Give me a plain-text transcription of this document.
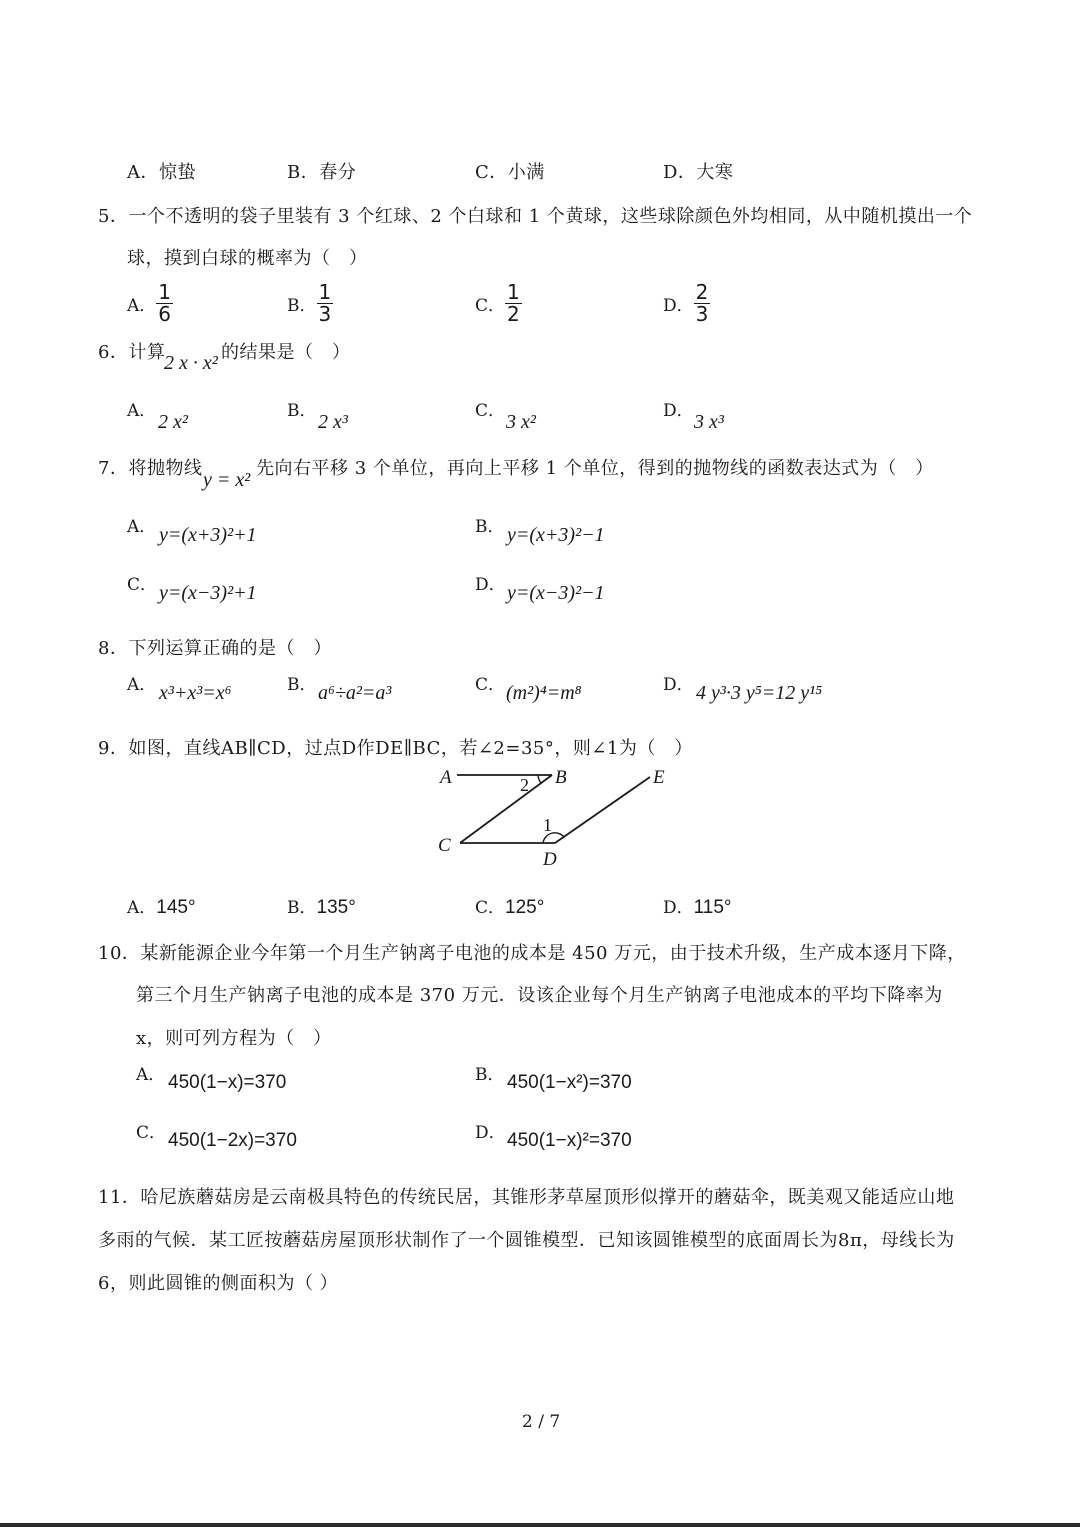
A．惊蛰	B．春分	C．小满	D．大寒
5．一个不透明的袋子里装有 3 个红球、2 个白球和 1 个黄球，这些球除颜色外均相同，从中随机摸出一个
球，摸到白球的概率为（　）
A． $\frac{1}{6}$	B． $\frac{1}{3}$	C． $\frac{1}{2}$	D． $\frac{2}{3}$
6．计算
2 x · x² 的结果是（　）
A． 2 x²	B． 2 x³	C． 3 x²	D． 3 x³
7．将抛物线
y = x²
先向右平移 3 个单位，再向上平移 1 个单位，得到的抛物线的函数表达式为（　）
A． y=(x+3)²+1	B． y=(x+3)²−1
C． y=(x−3)²+1	D． y=(x−3)²−1
8．下列运算正确的是（　）
A． x³+x³=x⁶	B． a⁶÷a²=a³	C． (m²)⁴=m⁸	D． 4 y³·3 y⁵=12 y¹⁵
9．如图，直线AB∥CD，过点D作DE∥BC，若∠2=35°，则∠1为（　）
A	B
2	E
1
C
D
A．145°	B．135°	C．125°	D．115°
10．某新能源企业今年第一个月生产钠离子电池的成本是 450 万元，由于技术升级，生产成本逐月下降，
第三个月生产钠离子电池的成本是 370 万元．设该企业每个月生产钠离子电池成本的平均下降率为
x，则可列方程为（　）
A． 450(1−x)=370	B． 450(1−x²)=370
C． 450(1−2x)=370	D． 450(1−x)²=370
11．哈尼族蘑菇房是云南极具特色的传统民居，其锥形茅草屋顶形似撑开的蘑菇伞，既美观又能适应山地
多雨的气候．某工匠按蘑菇房屋顶形状制作了一个圆锥模型．已知该圆锥模型的底面周长为8π，母线长为
6，则此圆锥的侧面积为（ ）
2 / 7
